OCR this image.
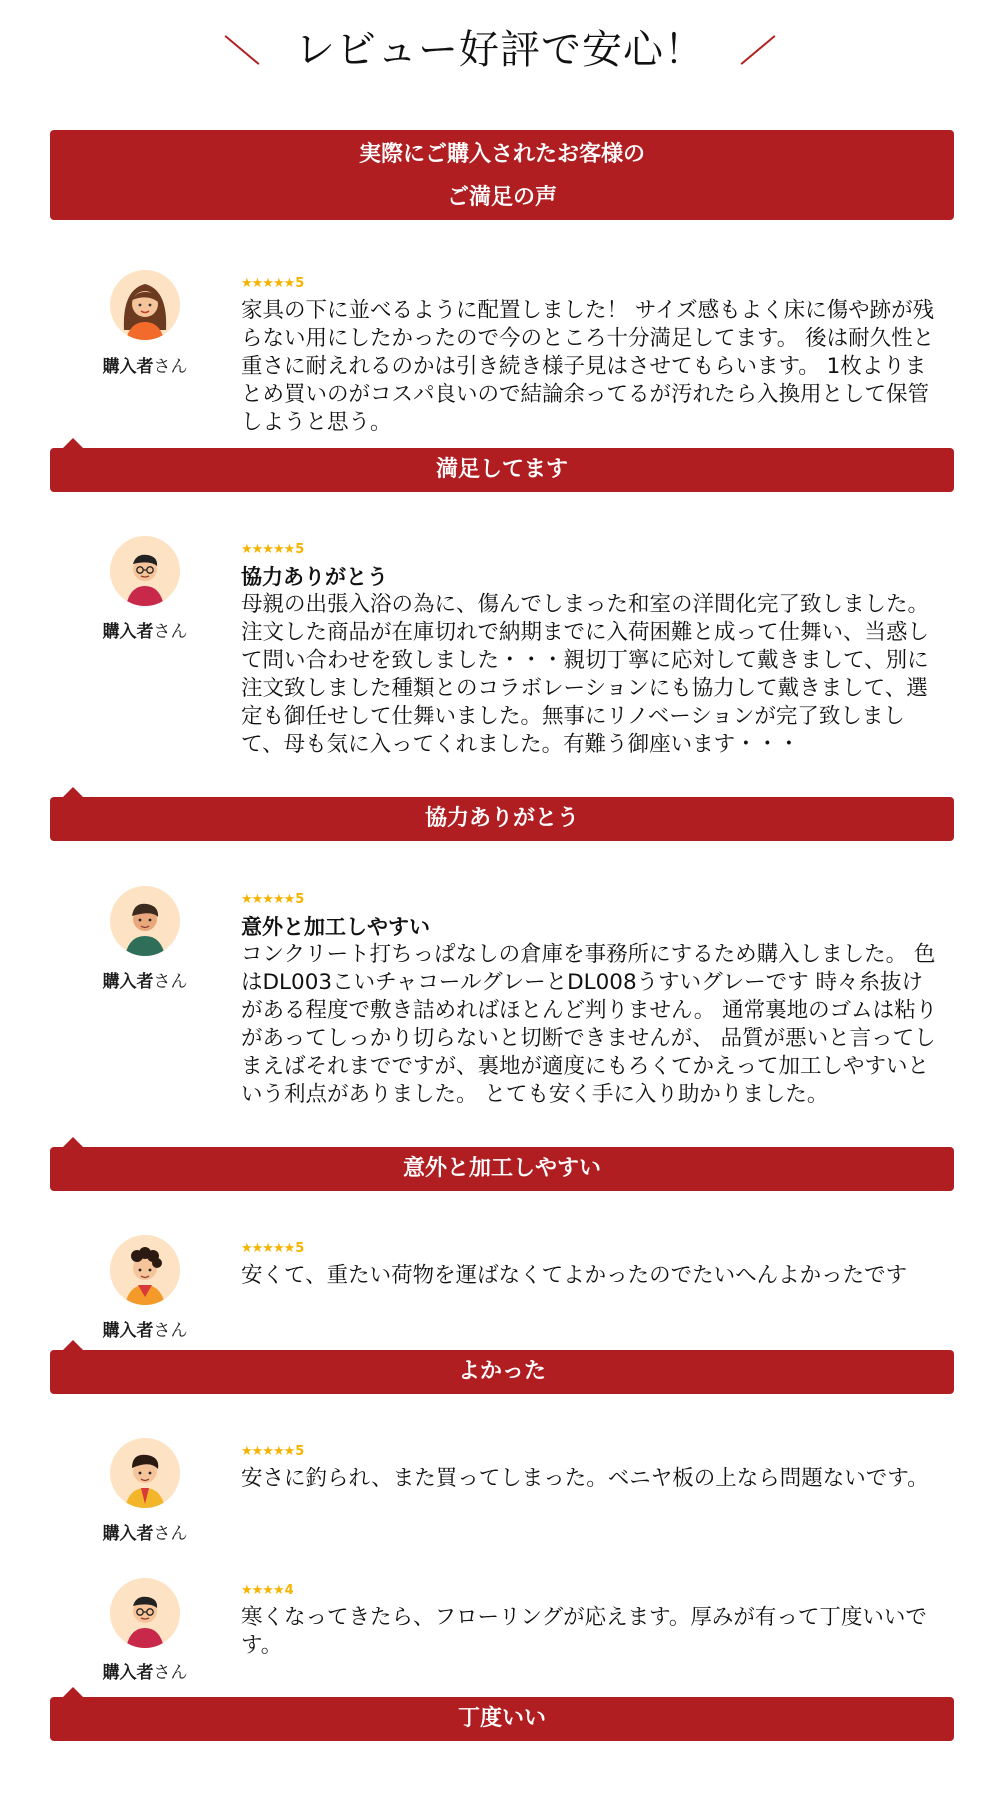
レビュー好評で安心！
実際にご購入されたお客様の
ご満足の声
購入者さん
★★★★★5
家具の下に並べるように配置しました！ サイズ感もよく床に傷や跡が残らない用にしたかったので今のところ十分満足してます。 後は耐久性と重さに耐えれるのかは引き続き様子見はさせてもらいます。 1枚よりまとめ買いのがコスパ良いので結論余ってるが汚れたら入換用として保管しようと思う。
満足してます
購入者さん
★★★★★5
協力ありがとう
母親の出張入浴の為に、傷んでしまった和室の洋間化完了致しました。注文した商品が在庫切れで納期までに入荷困難と成って仕舞い、当惑して問い合わせを致しました・・・親切丁寧に応対して戴きまして、別に注文致しました種類とのコラボレーションにも協力して戴きまして、選定も御任せして仕舞いました。無事にリノベーションが完了致しまして、母も気に入ってくれました。有難う御座います・・・
協力ありがとう
購入者さん
★★★★★5
意外と加工しやすい
コンクリート打ちっぱなしの倉庫を事務所にするため購入しました。 色はDL003こいチャコールグレーとDL008うすいグレーです 時々糸抜けがある程度で敷き詰めればほとんど判りません。 通常裏地のゴムは粘りがあってしっかり切らないと切断できませんが、 品質が悪いと言ってしまえばそれまでですが、裏地が適度にもろくてかえって加工しやすいという利点がありました。 とても安く手に入り助かりました。
意外と加工しやすい
購入者さん
★★★★★5
安くて、重たい荷物を運ばなくてよかったのでたいへんよかったです
よかった
購入者さん
★★★★★5
安さに釣られ、また買ってしまった。ベニヤ板の上なら問題ないです。
購入者さん
★★★★4
寒くなってきたら、フローリングが応えます。厚みが有って丁度いいです。
丁度いい
